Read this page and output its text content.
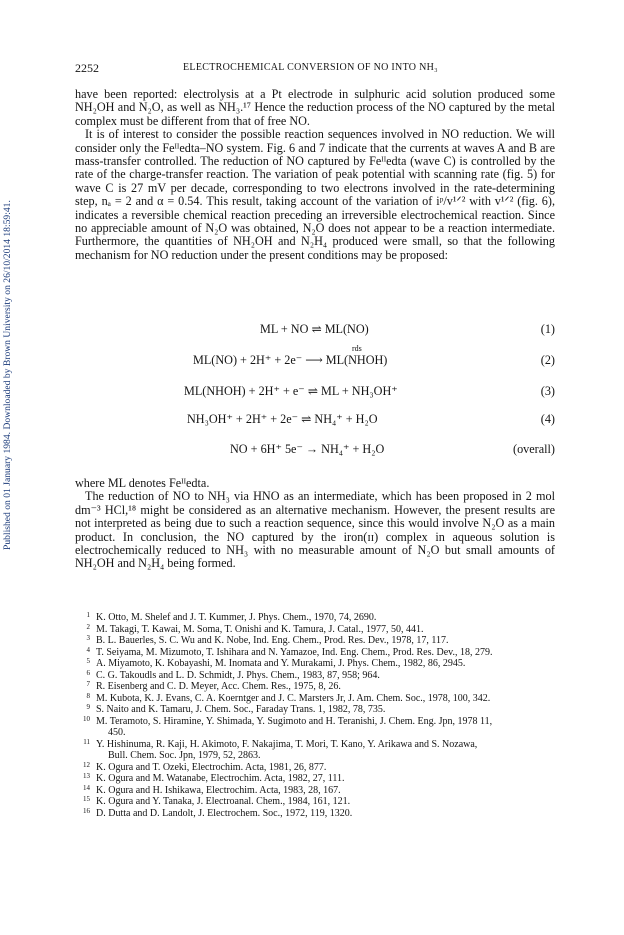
Published on 01 January 1984. Downloaded by Brown University on 26/10/2014 18:59:41.
2252	ELECTROCHEMICAL CONVERSION OF NO INTO NH₃

have been reported: electrolysis at a Pt electrode in sulphuric acid solution produced some NH₂OH and N₂O, as well as NH₃.¹⁷ Hence the reduction process of the NO captured by the metal complex must be different from that of free NO.

It is of interest to consider the possible reaction sequences involved in NO reduction. We will consider only the Feᴵᴵedta–NO system. Fig. 6 and 7 indicate that the currents at waves A and B are mass-transfer controlled. The reduction of NO captured by Feᴵᴵedta (wave C) is controlled by the rate of the charge-transfer reaction. The variation of peak potential with scanning rate (fig. 5) for wave C is 27 mV per decade, corresponding to two electrons involved in the rate-determining step, nₐ = 2 and α = 0.54. This result, taking account of the variation of iᵖ/v¹ᐟ² with v¹ᐟ² (fig. 6), indicates a reversible chemical reaction preceding an irreversible electrochemical reaction. Since no appreciable amount of N₂O was obtained, N₂O does not appear to be a reaction intermediate. Furthermore, the quantities of NH₂OH and N₂H₄ produced were small, so that the following mechanism for NO reduction under the present conditions may be proposed:

ML + NO ⇌ ML(NO)	(1)
rds
ML(NO) + 2H⁺ + 2e⁻ ⟶ ML(NHOH)	(2)
ML(NHOH) + 2H⁺ + e⁻ ⇌ ML + NH₃OH⁺	(3)
NH₃OH⁺ + 2H⁺ + 2e⁻ ⇌ NH₄⁺ + H₂O	(4)
NO + 6H⁺ 5e⁻ → NH₄⁺ + H₂O	(overall)

where ML denotes Feᴵᴵedta.

The reduction of NO to NH₃ via HNO as an intermediate, which has been proposed in 2 mol dm⁻³ HCl,¹⁸ might be considered as an alternative mechanism. However, the present results are not interpreted as being due to such a reaction sequence, since this would involve N₂O as a main product. In conclusion, the NO captured by the iron(ɪɪ) complex in aqueous solution is electrochemically reduced to NH₃ with no measurable amount of N₂O but small amounts of NH₂OH and N₂H₄ being formed.

1 K. Otto, M. Shelef and J. T. Kummer, J. Phys. Chem., 1970, 74, 2690.
2 M. Takagi, T. Kawai, M. Soma, T. Onishi and K. Tamura, J. Catal., 1977, 50, 441.
3 B. L. Bauerles, S. C. Wu and K. Nobe, Ind. Eng. Chem., Prod. Res. Dev., 1978, 17, 117.
4 T. Seiyama, M. Mizumoto, T. Ishihara and N. Yamazoe, Ind. Eng. Chem., Prod. Res. Dev., 18, 279.
5 A. Miyamoto, K. Kobayashi, M. Inomata and Y. Murakami, J. Phys. Chem., 1982, 86, 2945.
6 C. G. Takoudls and L. D. Schmidt, J. Phys. Chem., 1983, 87, 958; 964.
7 R. Eisenberg and C. D. Meyer, Acc. Chem. Res., 1975, 8, 26.
8 M. Kubota, K. J. Evans, C. A. Koerntger and J. C. Marsters Jr, J. Am. Chem. Soc., 1978, 100, 342.
9 S. Naito and K. Tamaru, J. Chem. Soc., Faraday Trans. 1, 1982, 78, 735.
10 M. Teramoto, S. Hiramine, Y. Shimada, Y. Sugimoto and H. Teranishi, J. Chem. Eng. Jpn, 1978 11,
450.
11 Y. Hishinuma, R. Kaji, H. Akimoto, F. Nakajima, T. Mori, T. Kano, Y. Arikawa and S. Nozawa,
Bull. Chem. Soc. Jpn, 1979, 52, 2863.
12 K. Ogura and T. Ozeki, Electrochim. Acta, 1981, 26, 877.
13 K. Ogura and M. Watanabe, Electrochim. Acta, 1982, 27, 111.
14 K. Ogura and H. Ishikawa, Electrochim. Acta, 1983, 28, 167.
15 K. Ogura and Y. Tanaka, J. Electroanal. Chem., 1984, 161, 121.
16 D. Dutta and D. Landolt, J. Electrochem. Soc., 1972, 119, 1320.
